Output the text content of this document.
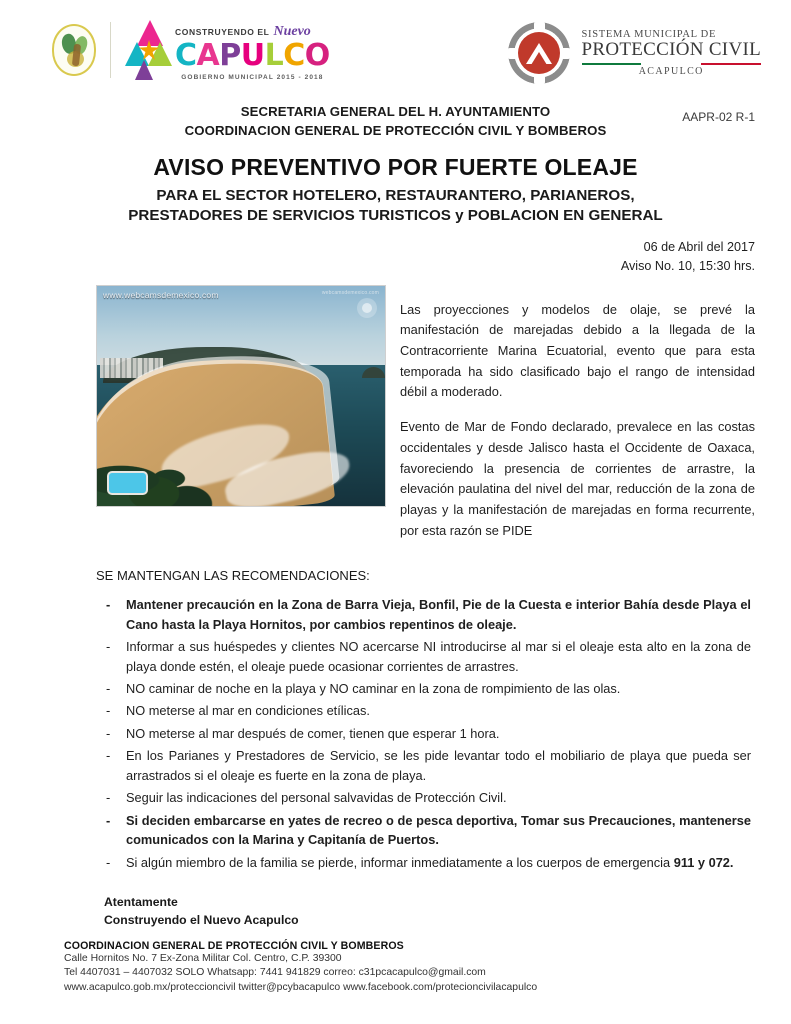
CONSTRUYENDO EL Nuevo
CAPULCO
GOBIERNO MUNICIPAL 2015 - 2018
SISTEMA MUNICIPAL DE
PROTECCIÓN CIVIL
ACAPULCO
SECRETARIA GENERAL DEL H. AYUNTAMIENTO
COORDINACION GENERAL DE PROTECCIÓN CIVIL Y BOMBEROS
AAPR-02 R-1
AVISO PREVENTIVO POR FUERTE OLEAJE
PARA EL SECTOR HOTELERO, RESTAURANTERO, PARIANEROS,
PRESTADORES DE SERVICIOS TURISTICOS y POBLACION EN GENERAL
06 de Abril del 2017
Aviso No. 10, 15:30 hrs.
www.webcamsdemexico.com	webcamsdemexico.com

Las proyecciones y modelos de olaje, se prevé la manifestación de marejadas debido a la llegada de la Contracorriente Marina Ecuatorial, evento que para esta temporada ha sido clasificado bajo el rango de intensidad débil a moderado.

Evento de Mar de Fondo declarado, prevalece en las costas occidentales y desde Jalisco hasta el Occidente de Oaxaca, favoreciendo la presencia de corrientes de arrastre, la elevación paulatina del nivel del mar, reducción de la zona de playas y la manifestación de marejadas en forma recurrente, por esta razón se PIDE

SE MANTENGAN LAS RECOMENDACIONES:
- Mantener precaución en la Zona de Barra Vieja, Bonfil, Pie de la Cuesta e interior Bahía desde Playa el Cano hasta la Playa Hornitos, por cambios repentinos de oleaje.
- Informar a sus huéspedes y clientes NO acercarse NI introducirse al mar si el oleaje esta alto en la zona de playa donde estén, el oleaje puede ocasionar corrientes de arrastres.
- NO caminar de noche en la playa y NO caminar en la zona de rompimiento de las olas.
- NO meterse al mar en condiciones etílicas.
- NO meterse al mar después de comer, tienen que esperar 1 hora.
- En los Parianes y Prestadores de Servicio, se les pide levantar todo el mobiliario de playa que pueda ser arrastrados si el oleaje es fuerte en la zona de playa.
- Seguir las indicaciones del personal salvavidas de Protección Civil.
- Si deciden embarcarse en yates de recreo o de pesca deportiva, Tomar sus Precauciones, mantenerse comunicados con la Marina y Capitanía de Puertos.
- Si algún miembro de la familia se pierde, informar inmediatamente a los cuerpos de emergencia 911 y 072.
Atentamente
Construyendo el Nuevo Acapulco
COORDINACION GENERAL DE PROTECCIÓN CIVIL Y BOMBEROS
Calle Hornitos No. 7 Ex-Zona Militar Col. Centro, C.P. 39300
Tel 4407031 – 4407032 SOLO Whatsapp: 7441 941829 correo: c31pcacapulco@gmail.com
www.acapulco.gob.mx/proteccioncivil twitter@pcybacapulco www.facebook.com/protecioncivilacapulco
